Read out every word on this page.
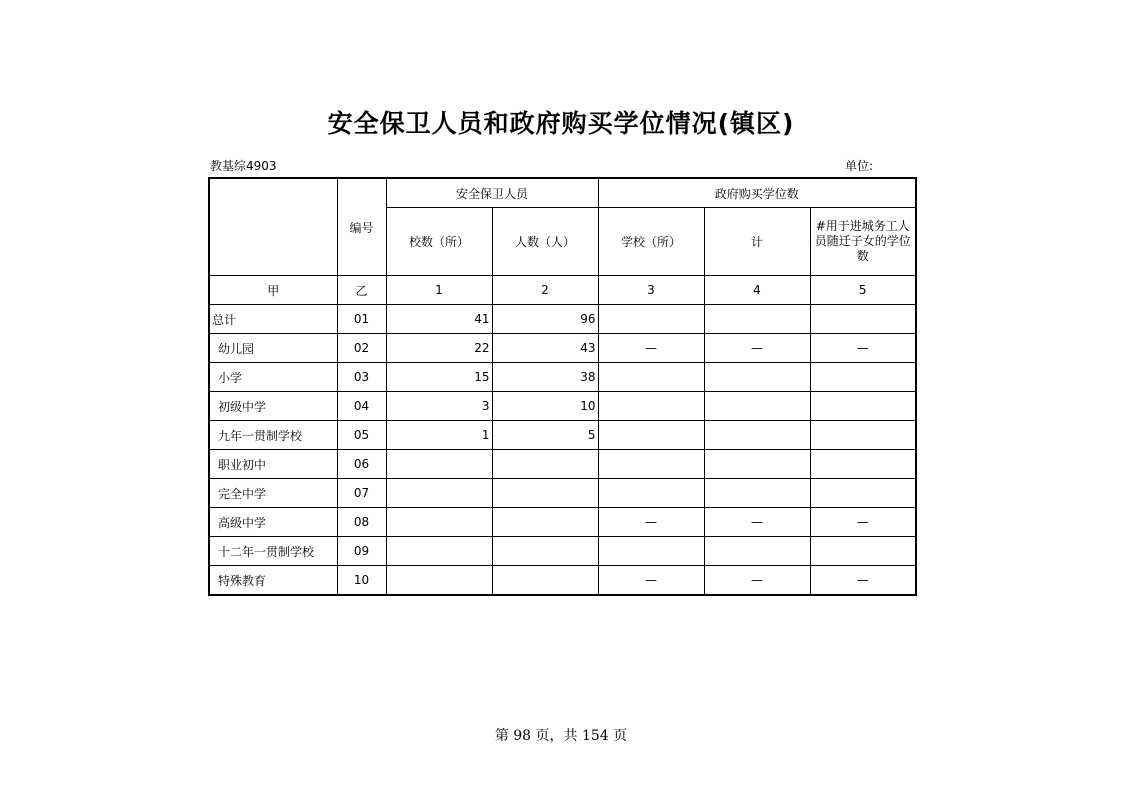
安全保卫人员和政府购买学位情况(镇区)
教基综4903	单位:
	编号	安全保卫人员		政府购买学位数		
		校数（所）	人数（人）	学校（所）	计	#用于进城务工人员随迁子女的学位数
甲	乙	1	2	3	4	5
总计	01	41	96			
幼儿园	02	22	43	—	—	—
小学	03	15	38			
初级中学	04	3	10			
九年一贯制学校	05	1	5			
职业初中	06					
完全中学	07					
高级中学	08			—	—	—
十二年一贯制学校	09					
特殊教育	10			—	—	—
第 98 页，共 154 页
